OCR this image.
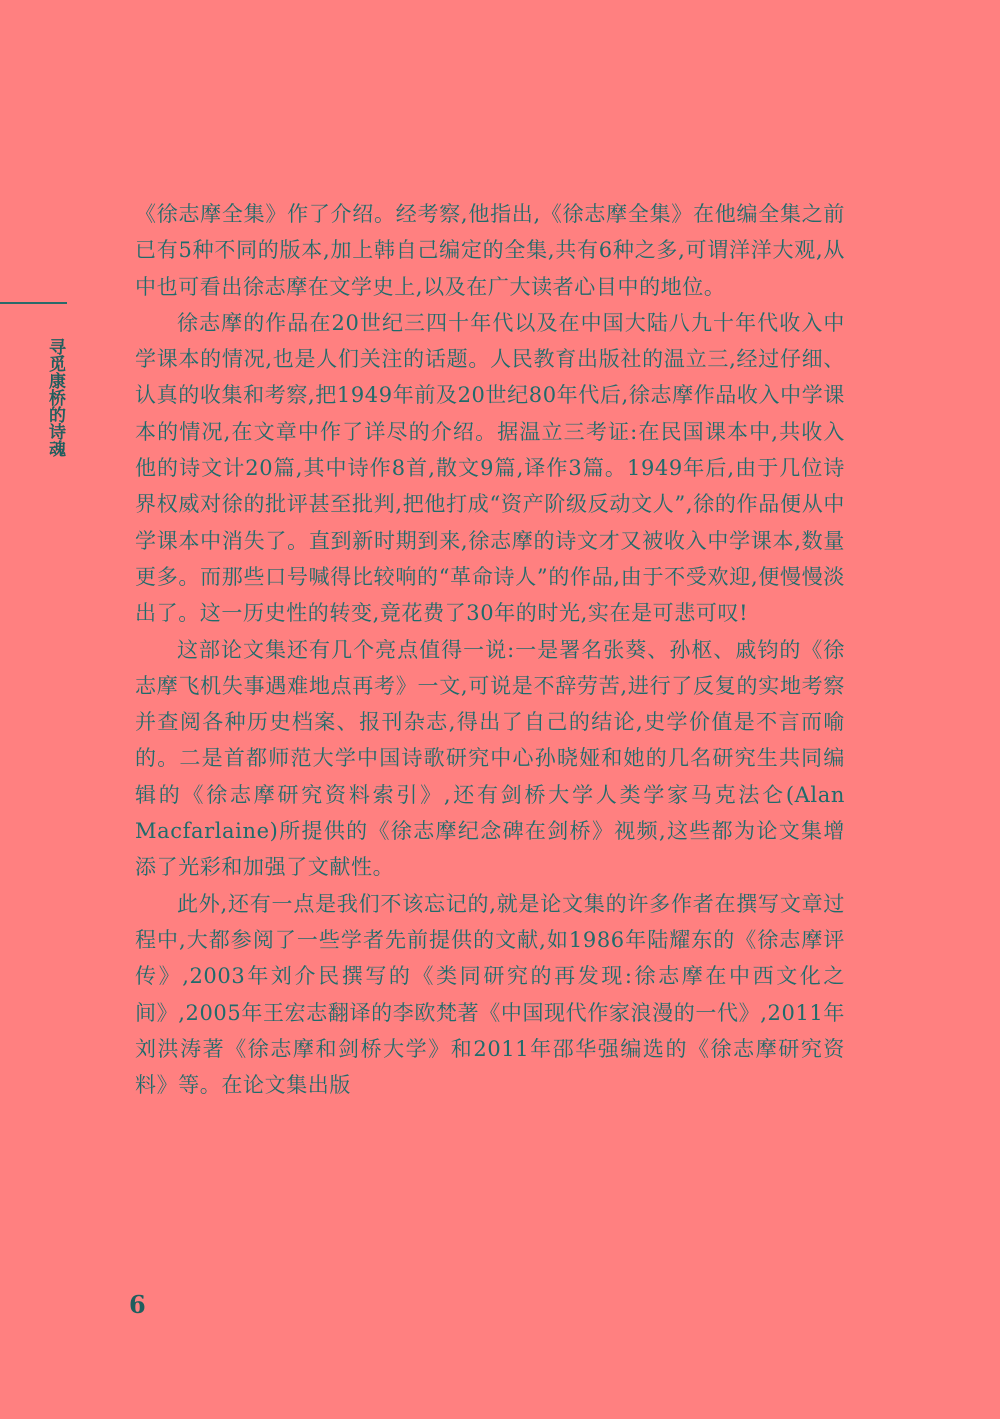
寻觅康桥的诗魂

《徐志摩全集》作了介绍。经考察,他指出,《徐志摩全集》在他编全集之前已有5种不同的版本,加上韩自己编定的全集,共有6种之多,可谓洋洋大观,从中也可看出徐志摩在文学史上,以及在广大读者心目中的地位。

徐志摩的作品在20世纪三四十年代以及在中国大陆八九十年代收入中学课本的情况,也是人们关注的话题。人民教育出版社的温立三,经过仔细、认真的收集和考察,把1949年前及20世纪80年代后,徐志摩作品收入中学课本的情况,在文章中作了详尽的介绍。据温立三考证:在民国课本中,共收入他的诗文计20篇,其中诗作8首,散文9篇,译作3篇。1949年后,由于几位诗界权威对徐的批评甚至批判,把他打成“资产阶级反动文人”,徐的作品便从中学课本中消失了。直到新时期到来,徐志摩的诗文才又被收入中学课本,数量更多。而那些口号喊得比较响的“革命诗人”的作品,由于不受欢迎,便慢慢淡出了。这一历史性的转变,竟花费了30年的时光,实在是可悲可叹!

这部论文集还有几个亮点值得一说:一是署名张葵、孙枢、戚钧的《徐志摩飞机失事遇难地点再考》一文,可说是不辞劳苦,进行了反复的实地考察并查阅各种历史档案、报刊杂志,得出了自己的结论,史学价值是不言而喻的。二是首都师范大学中国诗歌研究中心孙晓娅和她的几名研究生共同编辑的《徐志摩研究资料索引》,还有剑桥大学人类学家马克法仑(Alan Macfarlaine)所提供的《徐志摩纪念碑在剑桥》视频,这些都为论文集增添了光彩和加强了文献性。

此外,还有一点是我们不该忘记的,就是论文集的许多作者在撰写文章过程中,大都参阅了一些学者先前提供的文献,如1986年陆耀东的《徐志摩评传》,2003年刘介民撰写的《类同研究的再发现:徐志摩在中西文化之间》,2005年王宏志翻译的李欧梵著《中国现代作家浪漫的一代》,2011年刘洪涛著《徐志摩和剑桥大学》和2011年邵华强编选的《徐志摩研究资料》等。在论文集出版

6
